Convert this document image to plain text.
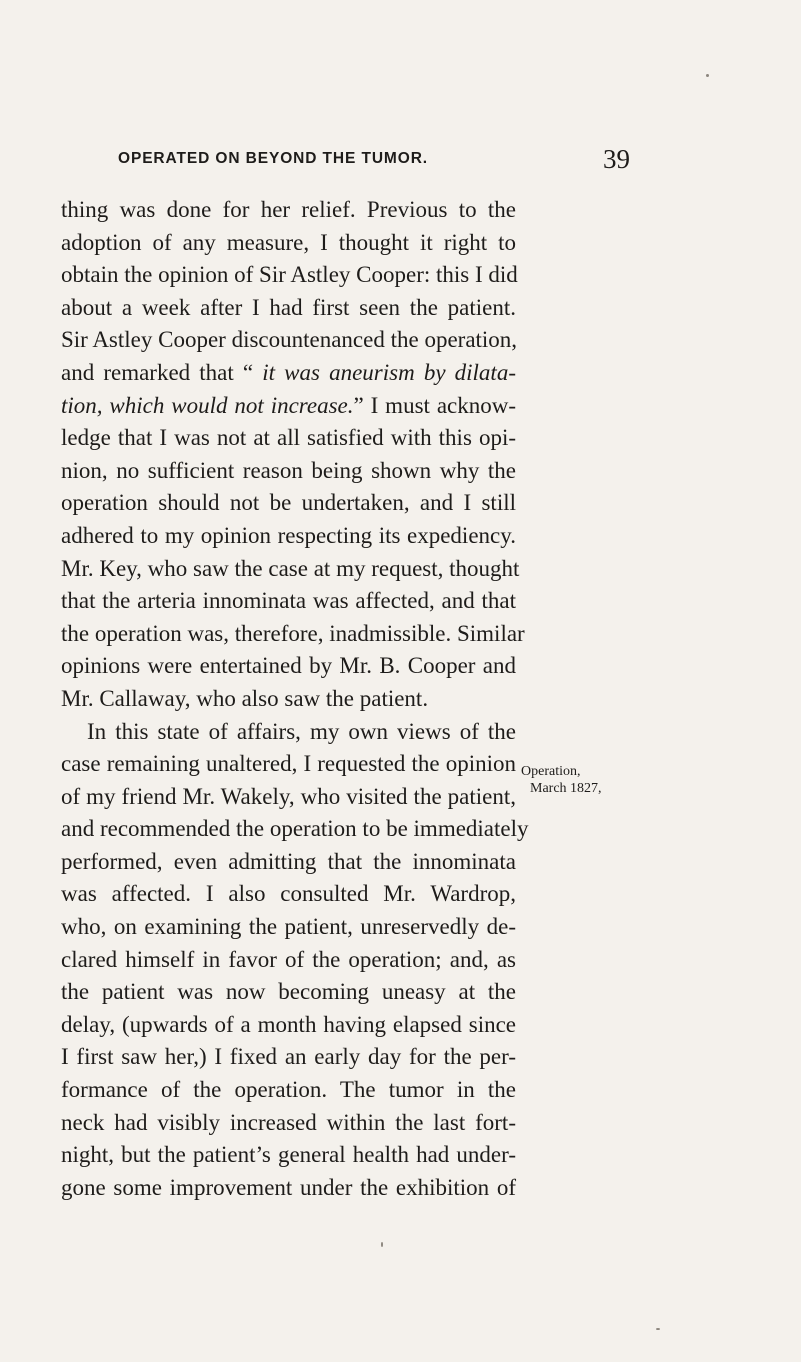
OPERATED ON BEYOND THE TUMOR.	39
thing was done for her relief. Previous to the
adoption of any measure, I thought it right to
obtain the opinion of Sir Astley Cooper: this I did
about a week after I had first seen the patient.
Sir Astley Cooper discountenanced the operation,
and remarked that “ it was aneurism by dilata-
tion, which would not increase.” I must acknow-
ledge that I was not at all satisfied with this opi-
nion, no sufficient reason being shown why the
operation should not be undertaken, and I still
adhered to my opinion respecting its expediency.
Mr. Key, who saw the case at my request, thought
that the arteria innominata was affected, and that
the operation was, therefore, inadmissible. Similar
opinions were entertained by Mr. B. Cooper and
Mr. Callaway, who also saw the patient.
In this state of affairs, my own views of the
case remaining unaltered, I requested the opinion
of my friend Mr. Wakely, who visited the patient,
and recommended the operation to be immediately
performed, even admitting that the innominata
was affected. I also consulted Mr. Wardrop,
who, on examining the patient, unreservedly de-
clared himself in favor of the operation; and, as
the patient was now becoming uneasy at the
delay, (upwards of a month having elapsed since
I first saw her,) I fixed an early day for the per-
formance of the operation. The tumor in the
neck had visibly increased within the last fort-
night, but the patient’s general health had under-
gone some improvement under the exhibition of
Operation,
March 1827,
